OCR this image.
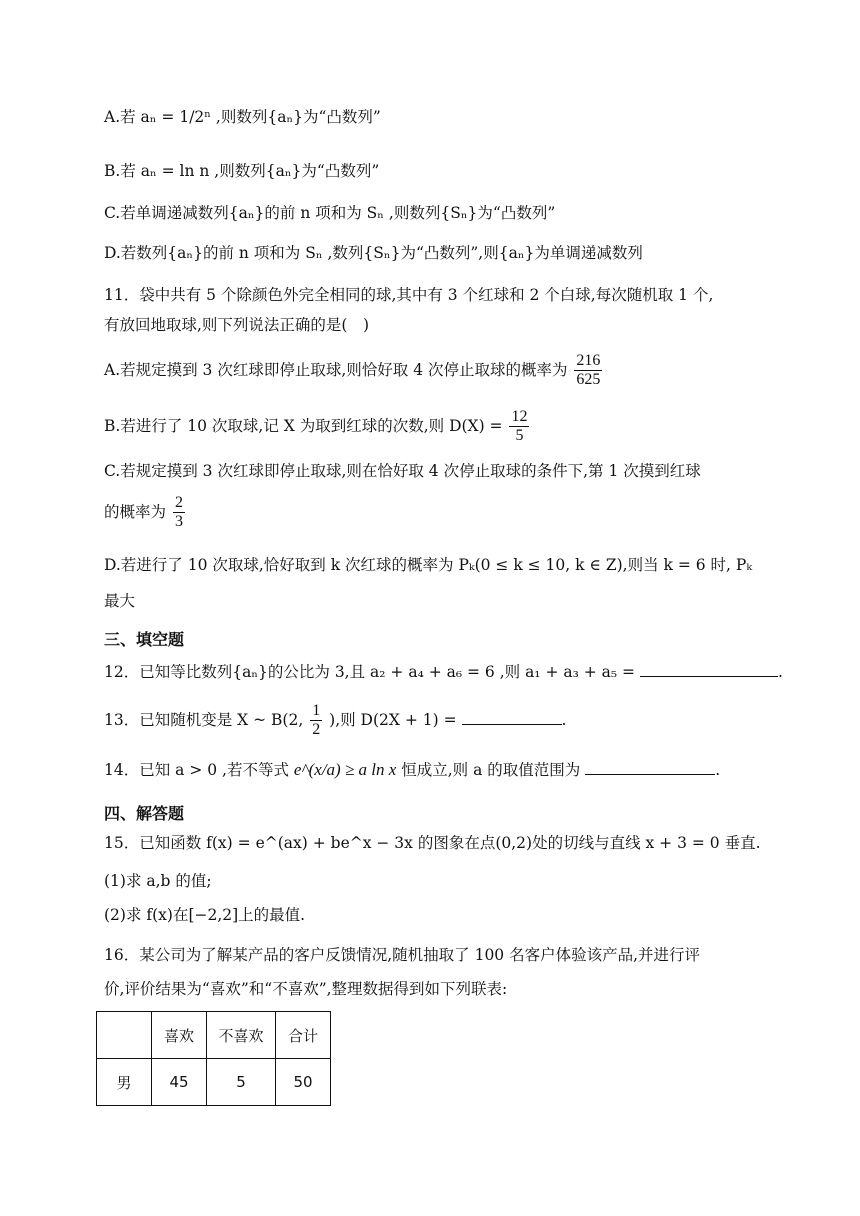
A.若 aₙ = 1/2ⁿ ,则数列{aₙ}为“凸数列”
B.若 aₙ = ln n ,则数列{aₙ}为“凸数列”
C.若单调递减数列{aₙ}的前 n 项和为 Sₙ ,则数列{Sₙ}为“凸数列”
D.若数列{aₙ}的前 n 项和为 Sₙ ,数列{Sₙ}为“凸数列”,则{aₙ}为单调递减数列
11．袋中共有 5 个除颜色外完全相同的球,其中有 3 个红球和 2 个白球,每次随机取 1 个,
有放回地取球,则下列说法正确的是(　)
A.若规定摸到 3 次红球即停止取球,则恰好取 4 次停止取球的概率为 $\frac{216}{625}$
B.若进行了 10 次取球,记 X 为取到红球的次数,则 $D(X) = \frac{12}{5}$
C.若规定摸到 3 次红球即停止取球,则在恰好取 4 次停止取球的条件下,第 1 次摸到红球
的概率为 $\frac{2}{3}$
D.若进行了 10 次取球,恰好取到 k 次红球的概率为 Pₖ(0 ≤ k ≤ 10, k ∈ Z),则当 k = 6 时, Pₖ
最大
三、填空题
12．已知等比数列{aₙ}的公比为 3,且 a₂ + a₄ + a₆ = 6 ,则 a₁ + a₃ + a₅ =	.
13．已知随机变是 X ~ B(2, $\frac{1}{2}$ ),则 D(2X + 1) =	.
14．已知 a > 0 ,若不等式 e^(x/a) ≥ a ln x 恒成立,则 a 的取值范围为	.
四、解答题
15．已知函数 f(x) = e^(ax) + be^x − 3x 的图象在点(0,2)处的切线与直线 x + 3 = 0 垂直.
(1)求 a,b 的值;
(2)求 f(x)在[−2,2]上的最值.
16．某公司为了解某产品的客户反馈情况,随机抽取了 100 名客户体验该产品,并进行评
价,评价结果为“喜欢”和“不喜欢”,整理数据得到如下列联表:
	喜欢	不喜欢	合计
男	45	5	50
